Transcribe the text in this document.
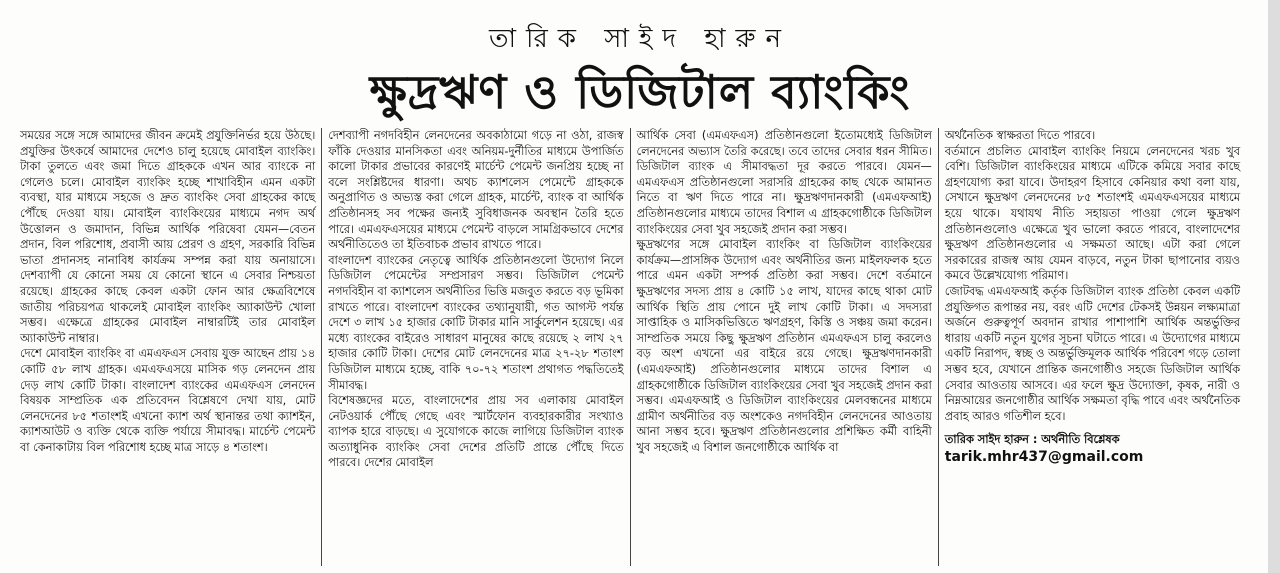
তারিক সাইদ হারুন
ক্ষুদ্রঋণ ও ডিজিটাল ব্যাংকিং

সময়ের সঙ্গে সঙ্গে আমাদের জীবন ক্রমেই প্রযুক্তিনির্ভর হয়ে উঠছে। প্রযুক্তির উৎকর্ষে আমাদের দেশেও চালু হয়েছে মোবাইল ব্যাংকিং। টাকা তুলতে এবং জমা দিতে গ্রাহককে এখন আর ব্যাংকে না গেলেও চলে। মোবাইল ব্যাংকিং হচ্ছে শাখাবিহীন এমন একটা ব্যবস্থা, যার মাধ্যমে সহজে ও দ্রুত ব্যাংকিং সেবা গ্রাহকের কাছে পৌঁছে দেওয়া যায়। মোবাইল ব্যাংকিংয়ের মাধ্যমে নগদ অর্থ উত্তোলন ও জমাদান, বিভিন্ন আর্থিক পরিষেবা যেমন—বেতন প্রদান, বিল পরিশোধ, প্রবাসী আয় প্রেরণ ও গ্রহণ, সরকারি বিভিন্ন ভাতা প্রদানসহ নানাবিধ কার্যক্রম সম্পন্ন করা যায় অনায়াসে। দেশব্যাপী যে কোনো সময় যে কোনো স্থানে এ সেবার নিশ্চয়তা রয়েছে। গ্রাহকের কাছে কেবল একটা ফোন আর ক্ষেত্রবিশেষে জাতীয় পরিচয়পত্র থাকলেই মোবাইল ব্যাংকিং অ্যাকাউন্ট খোলা সম্ভব। এক্ষেত্রে গ্রাহকের মোবাইল নাম্বারটিই তার মোবাইল অ্যাকাউন্ট নাম্বার।

দেশে মোবাইল ব্যাংকিং বা এমএফএস সেবায় যুক্ত আছেন প্রায় ১৪ কোটি ৫৮ লাখ গ্রাহক। এমএফএসয়ে মাসিক গড় লেনদেন প্রায় দেড় লাখ কোটি টাকা। বাংলাদেশ ব্যাংকের এমএফএস লেনদেন বিষয়ক সাম্প্রতিক এক প্রতিবেদন বিশ্লেষণে দেখা যায়, মোট লেনদেনের ৮৫ শতাংশই এখনো ক্যাশ অর্থ স্থানান্তর তথা ক্যাশইন, ক্যাশআউট ও ব্যক্তি থেকে ব্যক্তি পর্যায়ে সীমাবদ্ধ। মার্চেন্ট পেমেন্ট বা কেনাকাটায় বিল পরিশোধ হচ্ছে মাত্র সাড়ে ৪ শতাংশ।

দেশব্যাপী নগদবিহীন লেনদেনের অবকাঠামো গড়ে না ওঠা, রাজস্ব ফাঁকি দেওয়ার মানসিকতা এবং অনিয়ম-দুর্নীতির মাধ্যমে উপার্জিত কালো টাকার প্রভাবের কারণেই মার্চেন্ট পেমেন্ট জনপ্রিয় হচ্ছে না বলে সংশ্লিষ্টদের ধারণা। অথচ ক্যাশলেস পেমেন্টে গ্রাহককে অনুপ্রাণিত ও অভ্যস্ত করা গেলে গ্রাহক, মার্চেন্ট, ব্যাংক বা আর্থিক প্রতিষ্ঠানসহ সব পক্ষের জন্যই সুবিধাজনক অবস্থান তৈরি হতে পারে। এমএফএসয়ের মাধ্যমে পেমেন্ট বাড়লে সামগ্রিকভাবে দেশের অর্থনীতিতেও তা ইতিবাচক প্রভাব রাখতে পারে।

বাংলাদেশ ব্যাংকের নেতৃত্বে আর্থিক প্রতিষ্ঠানগুলো উদ্যোগ নিলে ডিজিটাল পেমেন্টের সম্প্রসারণ সম্ভব। ডিজিটাল পেমেন্ট নগদবিহীন বা ক্যাশলেস অর্থনীতির ভিত্তি মজবুত করতে বড় ভূমিকা রাখতে পারে। বাংলাদেশ ব্যাংকের তথ্যানুযায়ী, গত আগস্ট পর্যন্ত দেশে ৩ লাখ ১৫ হাজার কোটি টাকার মানি সার্কুলেশন হয়েছে। এর মধ্যে ব্যাংকের বাইরেও সাধারণ মানুষের কাছে রয়েছে ২ লাখ ২৭ হাজার কোটি টাকা। দেশের মোট লেনদেনের মাত্র ২৭-২৮ শতাংশ ডিজিটাল মাধ্যমে হচ্ছে, বাকি ৭০-৭২ শতাংশ প্রথাগত পদ্ধতিতেই সীমাবদ্ধ।

বিশেষজ্ঞদের মতে, বাংলাদেশের প্রায় সব এলাকায় মোবাইল নেটওয়ার্ক পৌঁছে গেছে এবং স্মার্টফোন ব্যবহারকারীর সংখ্যাও ব্যাপক হারে বাড়ছে। এ সুযোগকে কাজে লাগিয়ে ডিজিটাল ব্যাংক অত্যাধুনিক ব্যাংকিং সেবা দেশের প্রতিটি প্রান্তে পৌঁছে দিতে পারবে। দেশের মোবাইল

আর্থিক সেবা (এমএফএস) প্রতিষ্ঠানগুলো ইতোমধ্যেই ডিজিটাল লেনদেনের অভ্যাস তৈরি করেছে। তবে তাদের সেবার ধরন সীমিত। ডিজিটাল ব্যাংক এ সীমাবদ্ধতা দূর করতে পারবে। যেমন—এমএফএস প্রতিষ্ঠানগুলো সরাসরি গ্রাহকের কাছ থেকে আমানত নিতে বা ঋণ দিতে পারে না। ক্ষুদ্রঋণদানকারী (এমএফআই) প্রতিষ্ঠানগুলোর মাধ্যমে তাদের বিশাল এ গ্রাহকগোষ্ঠীকে ডিজিটাল ব্যাংকিংয়ের সেবা খুব সহজেই প্রদান করা সম্ভব।

ক্ষুদ্রঋণের সঙ্গে মোবাইল ব্যাংকিং বা ডিজিটাল ব্যাংকিংয়ের কার্যক্রম—প্রাসঙ্গিক উদ্যোগ এবং অর্থনীতির জন্য মাইলফলক হতে পারে এমন একটা সম্পর্ক প্রতিষ্ঠা করা সম্ভব। দেশে বর্তমানে ক্ষুদ্রঋণের সদস্য প্রায় ৪ কোটি ১৫ লাখ, যাদের কাছে থাকা মোট আর্থিক স্থিতি প্রায় পোনে দুই লাখ কোটি টাকা। এ সদস্যরা সাপ্তাহিক ও মাসিকভিত্তিতে ঋণগ্রহণ, কিস্তি ও সঞ্চয় জমা করেন। সাম্প্রতিক সময়ে কিছু ক্ষুদ্রঋণ প্রতিষ্ঠান এমএফএস চালু করলেও বড় অংশ এখনো এর বাইরে রয়ে গেছে। ক্ষুদ্রঋণদানকারী (এমএফআই) প্রতিষ্ঠানগুলোর মাধ্যমে তাদের বিশাল এ গ্রাহকগোষ্ঠীকে ডিজিটাল ব্যাংকিংয়ের সেবা খুব সহজেই প্রদান করা সম্ভব। এমএফআই ও ডিজিটাল ব্যাংকিংয়ের মেলবন্ধনের মাধ্যমে গ্রামীণ অর্থনীতির বড় অংশকেও নগদবিহীন লেনদেনের আওতায় আনা সম্ভব হবে। ক্ষুদ্রঋণ প্রতিষ্ঠানগুলোর প্রশিক্ষিত কর্মী বাহিনী খুব সহজেই এ বিশাল জনগোষ্ঠীকে আর্থিক বা

অর্থনৈতিক স্বাক্ষরতা দিতে পারবে।

বর্তমানে প্রচলিত মোবাইল ব্যাংকিং নিয়মে লেনদেনের খরচ খুব বেশি। ডিজিটাল ব্যাংকিংয়ের মাধ্যমে এটিকে কমিয়ে সবার কাছে গ্রহণযোগ্য করা যাবে। উদাহরণ হিসাবে কেনিয়ার কথা বলা যায়, সেখানে ক্ষুদ্রঋণ লেনদেনের ৮৫ শতাংশই এমএফএসয়ের মাধ্যমে হয়ে থাকে। যথাযথ নীতি সহায়তা পাওয়া গেলে ক্ষুদ্রঋণ প্রতিষ্ঠানগুলোও এক্ষেত্রে খুব ভালো করতে পারবে, বাংলাদেশের ক্ষুদ্রঋণ প্রতিষ্ঠানগুলোর এ সক্ষমতা আছে। এটা করা গেলে সরকারের রাজস্ব আয় যেমন বাড়বে, নতুন টাকা ছাপানোর ব্যয়ও কমবে উল্লেখযোগ্য পরিমাণ।

জোটবদ্ধ এমএফআই কর্তৃক ডিজিটাল ব্যাংক প্রতিষ্ঠা কেবল একটি প্রযুক্তিগত রূপান্তর নয়, বরং এটি দেশের টেকসই উন্নয়ন লক্ষ্যমাত্রা অর্জনে গুরুত্বপূর্ণ অবদান রাখার পাশাপাশি আর্থিক অন্তর্ভুক্তির ধারায় একটি নতুন যুগের সূচনা ঘটাতে পারে। এ উদ্যোগের মাধ্যমে একটি নিরাপদ, স্বচ্ছ ও অন্তর্ভুক্তিমূলক আর্থিক পরিবেশ গড়ে তোলা সম্ভব হবে, যেখানে প্রান্তিক জনগোষ্ঠীও সহজে ডিজিটাল আর্থিক সেবার আওতায় আসবে। এর ফলে ক্ষুদ্র উদ্যোক্তা, কৃষক, নারী ও নিম্নআয়ের জনগোষ্ঠীর আর্থিক সক্ষমতা বৃদ্ধি পাবে এবং অর্থনৈতিক প্রবাহ আরও গতিশীল হবে।

তারিক সাইদ হারুন : অর্থনীতি বিশ্লেষক
tarik.mhr437@gmail.com
